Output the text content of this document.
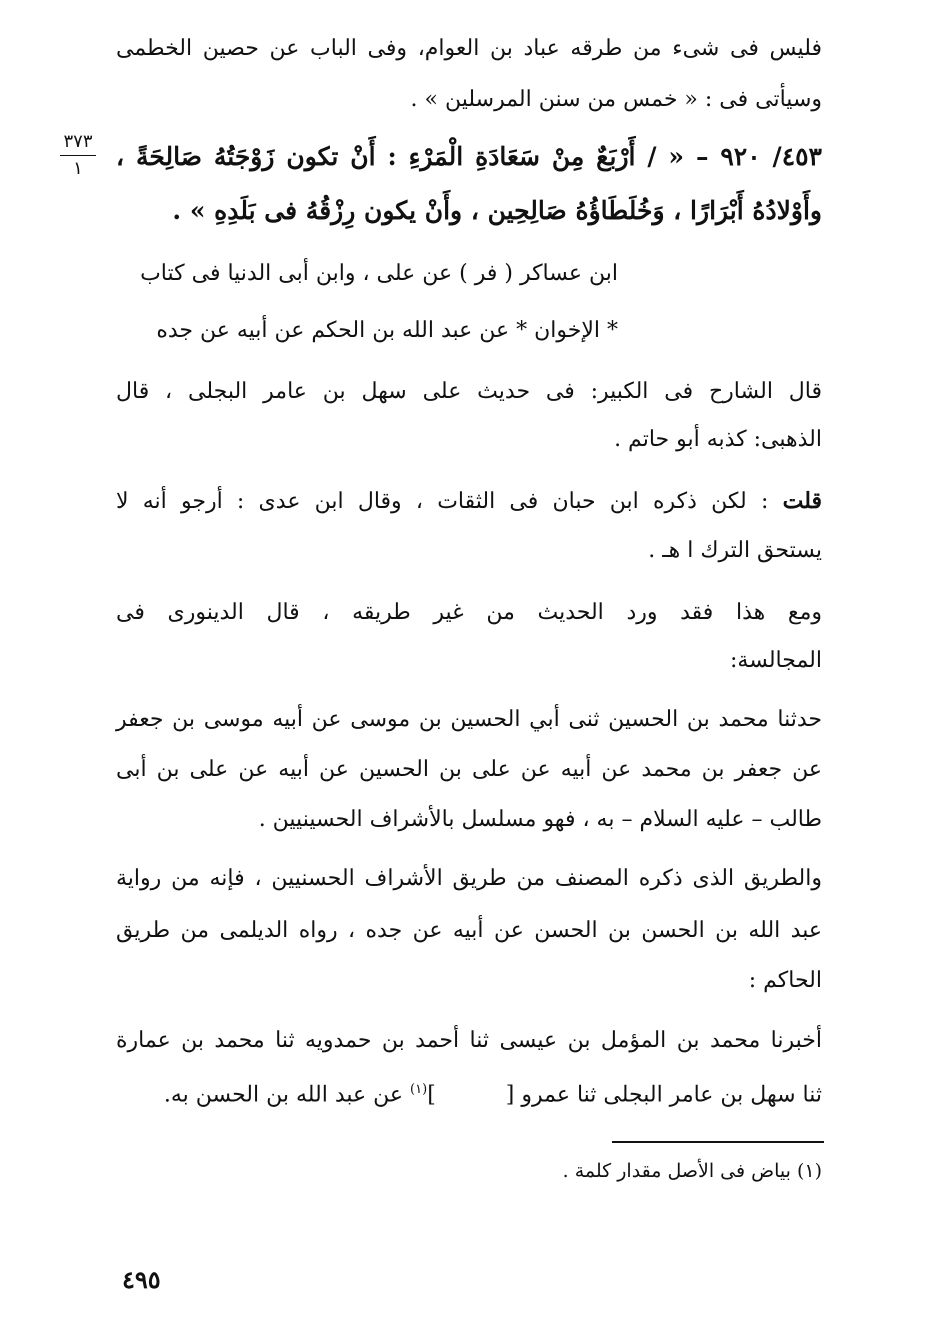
٣٧٣
١
فليس فى شىء من طرقه عباد بن العوام، وفى الباب عن حصين الخطمى
وسيأتى فى : « خمس من سنن المرسلين » .
٤٥٣/ ٩٢٠ – « / أَرْبَعٌ مِنْ سَعَادَةِ الْمَرْءِ : أَنْ تكون زَوْجَتُهُ صَالِحَةً ،
وأَوْلادُهُ أَبْرَارًا ، وَخُلَطَاؤُهُ صَالِحِين ، وأَنْ يكون رِزْقُهُ فى بَلَدِهِ » .
ابن عساكر ( فر ) عن على ، وابن أبى الدنيا فى كتاب
* الإخوان * عن عبد الله بن الحكم عن أبيه عن جده
قال الشارح فى الكبير: فى حديث على سهل بن عامر البجلى ، قال
الذهبى: كذبه أبو حاتم .
قلت : لكن ذكره ابن حبان فى الثقات ، وقال ابن عدى : أرجو أنه لا
يستحق الترك ا هـ .
ومع هذا فقد ورد الحديث من غير طريقه ، قال الدينورى فى
المجالسة:
حدثنا محمد بن الحسين ثنى أبي الحسين بن موسى عن أبيه موسى بن جعفر
عن جعفر بن محمد عن أبيه عن على بن الحسين عن أبيه عن على بن أبى
طالب – عليه السلام – به ، فهو مسلسل بالأشراف الحسينيين .
والطريق الذى ذكره المصنف من طريق الأشراف الحسنيين ، فإنه من رواية
عبد الله بن الحسن بن الحسن عن أبيه عن جده ، رواه الديلمى من طريق
الحاكم :
أخبرنا محمد بن المؤمل بن عيسى ثنا أحمد بن حمدويه ثنا محمد بن عمارة
ثنا سهل بن عامر البجلى ثنا عمرو []$^{(١)}$ عن عبد الله بن الحسن به.
(١) بياض فى الأصل مقدار كلمة .
٤٩٥
